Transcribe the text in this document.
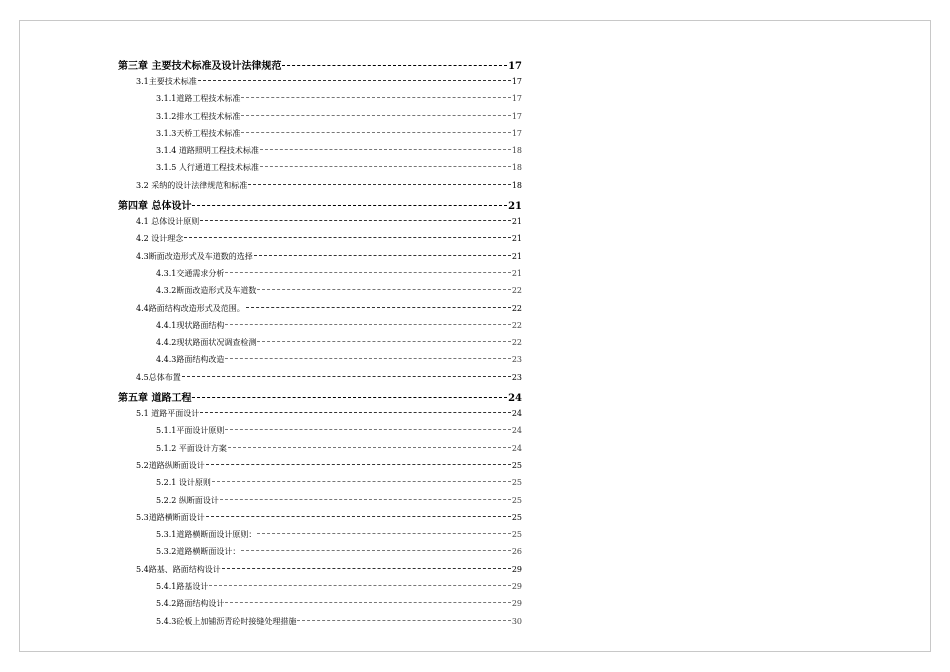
第三章 主要技术标准及设计法律规范	17
3.1主要技术标准	17
3.1.1道路工程技术标准	17
3.1.2排水工程技术标准	17
3.1.3天桥工程技术标准	17
3.1.4 道路照明工程技术标准	18
3.1.5 人行通道工程技术标准	18
3.2 采纳的设计法律规范和标准	18
第四章 总体设计	21
4.1 总体设计原则	21
4.2 设计理念	21
4.3断面改造形式及车道数的选择	21
4.3.1交通需求分析	21
4.3.2断面改造形式及车道数	22
4.4路面结构改造形式及范围。	22
4.4.1现状路面结构	22
4.4.2现状路面状况调查检测	22
4.4.3路面结构改造	23
4.5总体布置	23
第五章 道路工程	24
5.1 道路平面设计	24
5.1.1平面设计原则	24
5.1.2 平面设计方案	24
5.2道路纵断面设计	25
5.2.1 设计原则	25
5.2.2 纵断面设计	25
5.3道路横断面设计	25
5.3.1道路横断面设计原则：	25
5.3.2道路横断面设计：	26
5.4路基、路面结构设计	29
5.4.1路基设计	29
5.4.2路面结构设计	29
5.4.3砼板上加铺沥青砼时接缝处理措施	30
